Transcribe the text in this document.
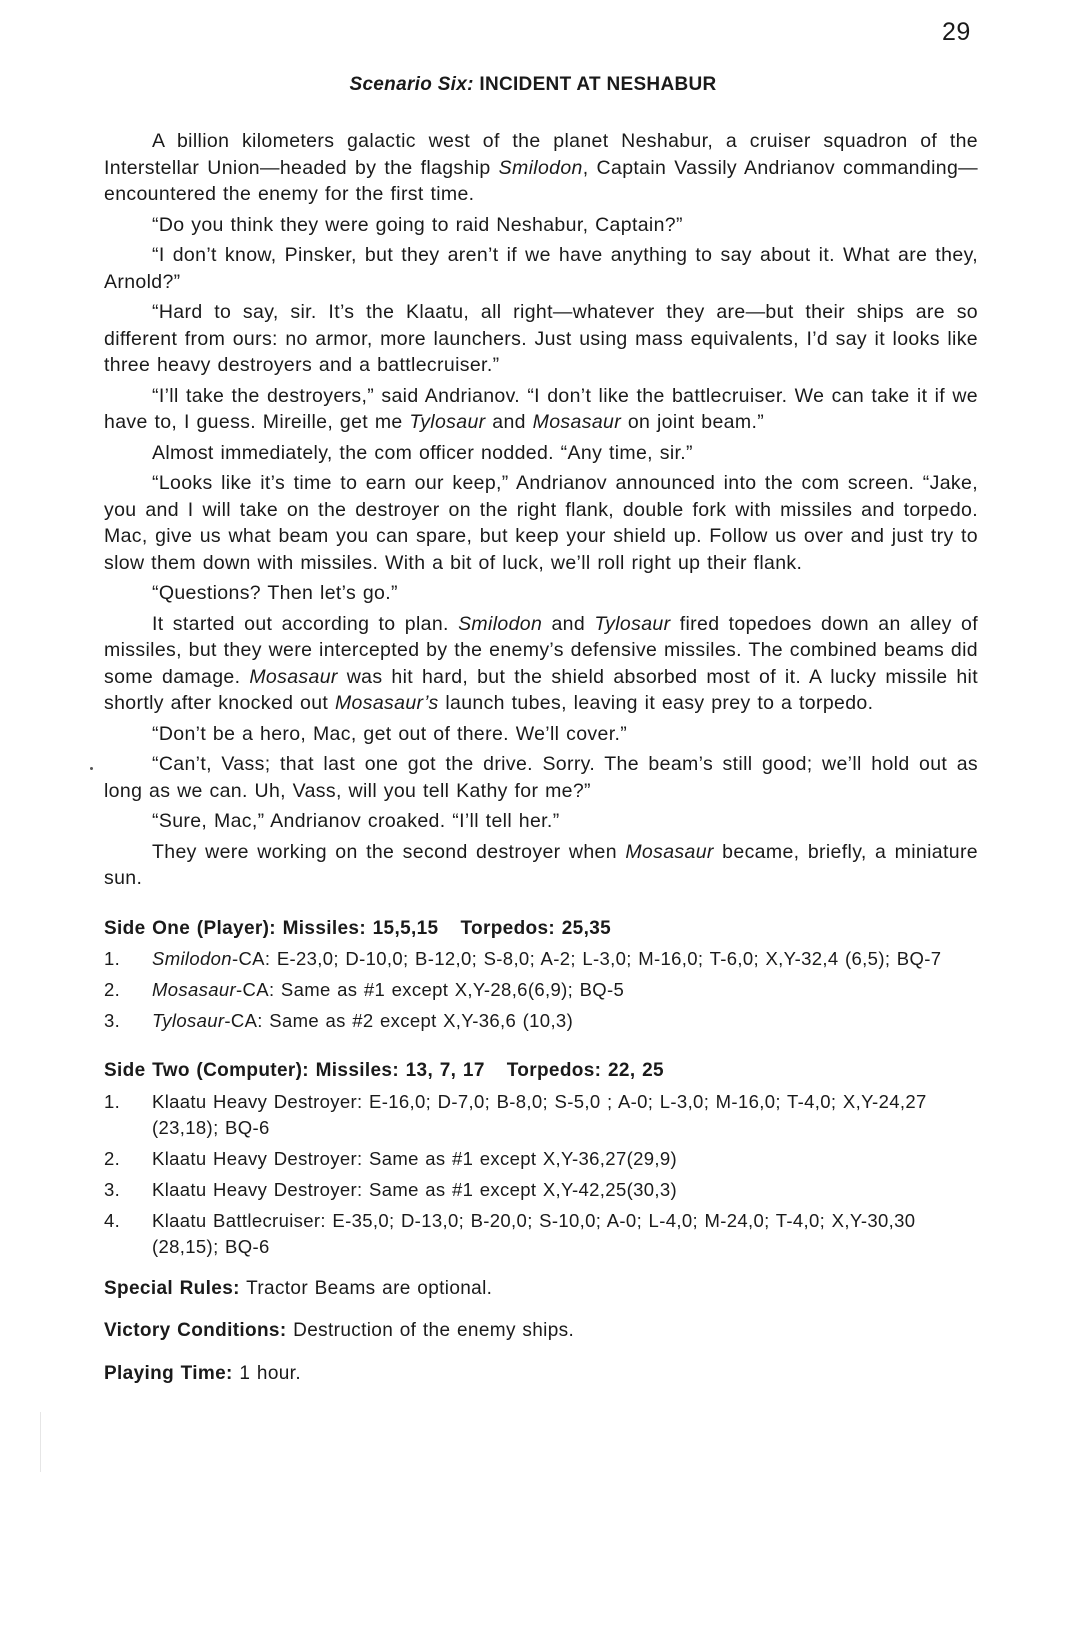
29
Scenario Six: INCIDENT AT NESHABUR

A billion kilometers galactic west of the planet Neshabur, a cruiser squadron of the Interstellar Union—headed by the flagship Smilodon, Captain Vassily Andrianov commanding—encountered the enemy for the first time.

“Do you think they were going to raid Neshabur, Captain?”

“I don’t know, Pinsker, but they aren’t if we have anything to say about it. What are they, Arnold?”

“Hard to say, sir. It’s the Klaatu, all right—whatever they are—but their ships are so different from ours: no armor, more launchers. Just using mass equivalents, I’d say it looks like three heavy destroyers and a battlecruiser.”

“I’ll take the destroyers,” said Andrianov. “I don’t like the battlecruiser. We can take it if we have to, I guess. Mireille, get me Tylosaur and Mosasaur on joint beam.”

Almost immediately, the com officer nodded. “Any time, sir.”

“Looks like it’s time to earn our keep,” Andrianov announced into the com screen. “Jake, you and I will take on the destroyer on the right flank, double fork with missiles and torpedo. Mac, give us what beam you can spare, but keep your shield up. Follow us over and just try to slow them down with missiles. With a bit of luck, we’ll roll right up their flank.

“Questions? Then let’s go.”

It started out according to plan. Smilodon and Tylosaur fired topedoes down an alley of missiles, but they were intercepted by the enemy’s defensive missiles. The combined beams did some damage. Mosasaur was hit hard, but the shield absorbed most of it. A lucky missile hit shortly after knocked out Mosasaur’s launch tubes, leaving it easy prey to a torpedo.

“Don’t be a hero, Mac, get out of there. We’ll cover.”

“Can’t, Vass; that last one got the drive. Sorry. The beam’s still good; we’ll hold out as long as we can. Uh, Vass, will you tell Kathy for me?”

“Sure, Mac,” Andrianov croaked. “I’ll tell her.”

They were working on the second destroyer when Mosasaur became, briefly, a miniature sun.

Side One (Player): Missiles: 15,5,15 Torpedos: 25,35
1. Smilodon-CA: E-23,0; D-10,0; B-12,0; S-8,0; A-2; L-3,0; M-16,0; T-6,0; X,Y-32,4 (6,5); BQ-7
2. Mosasaur-CA: Same as #1 except X,Y-28,6(6,9); BQ-5
3. Tylosaur-CA: Same as #2 except X,Y-36,6 (10,3)
Side Two (Computer): Missiles: 13, 7, 17 Torpedos: 22, 25
1. Klaatu Heavy Destroyer: E-16,0; D-7,0; B-8,0; S-5,0 ; A-0; L-3,0; M-16,0; T-4,0; X,Y-24,27 (23,18); BQ-6
2. Klaatu Heavy Destroyer: Same as #1 except X,Y-36,27(29,9)
3. Klaatu Heavy Destroyer: Same as #1 except X,Y-42,25(30,3)
4. Klaatu Battlecruiser: E-35,0; D-13,0; B-20,0; S-10,0; A-0; L-4,0; M-24,0; T-4,0; X,Y-30,30 (28,15); BQ-6
Special Rules: Tractor Beams are optional.
Victory Conditions: Destruction of the enemy ships.
Playing Time: 1 hour.
